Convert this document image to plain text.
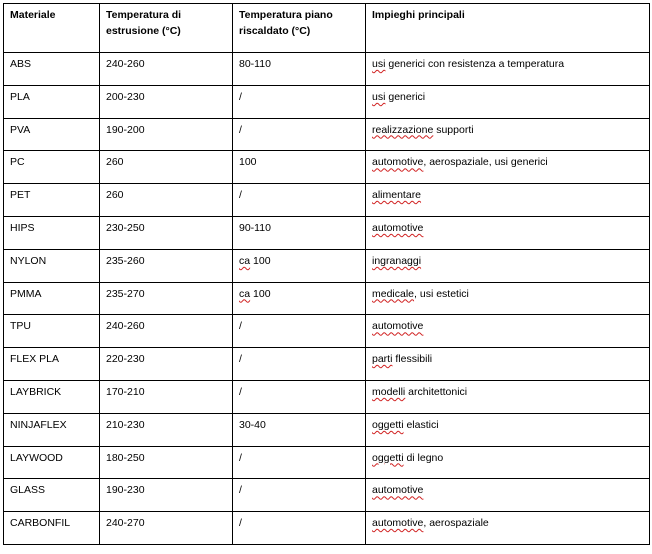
Materiale	Temperatura di estrusione (°C)	Temperatura piano riscaldato (°C)	Impieghi principali
ABS	240-260	80-110	usi generici con resistenza a temperatura
PLA	200-230	/	usi generici
PVA	190-200	/	realizzazione supporti
PC	260	100	automotive, aerospaziale, usi generici
PET	260	/	alimentare
HIPS	230-250	90-110	automotive
NYLON	235-260	ca 100	ingranaggi
PMMA	235-270	ca 100	medicale, usi estetici
TPU	240-260	/	automotive
FLEX PLA	220-230	/	parti flessibili
LAYBRICK	170-210	/	modelli architettonici
NINJAFLEX	210-230	30-40	oggetti elastici
LAYWOOD	180-250	/	oggetti di legno
GLASS	190-230	/	automotive
CARBONFIL	240-270	/	automotive, aerospaziale
